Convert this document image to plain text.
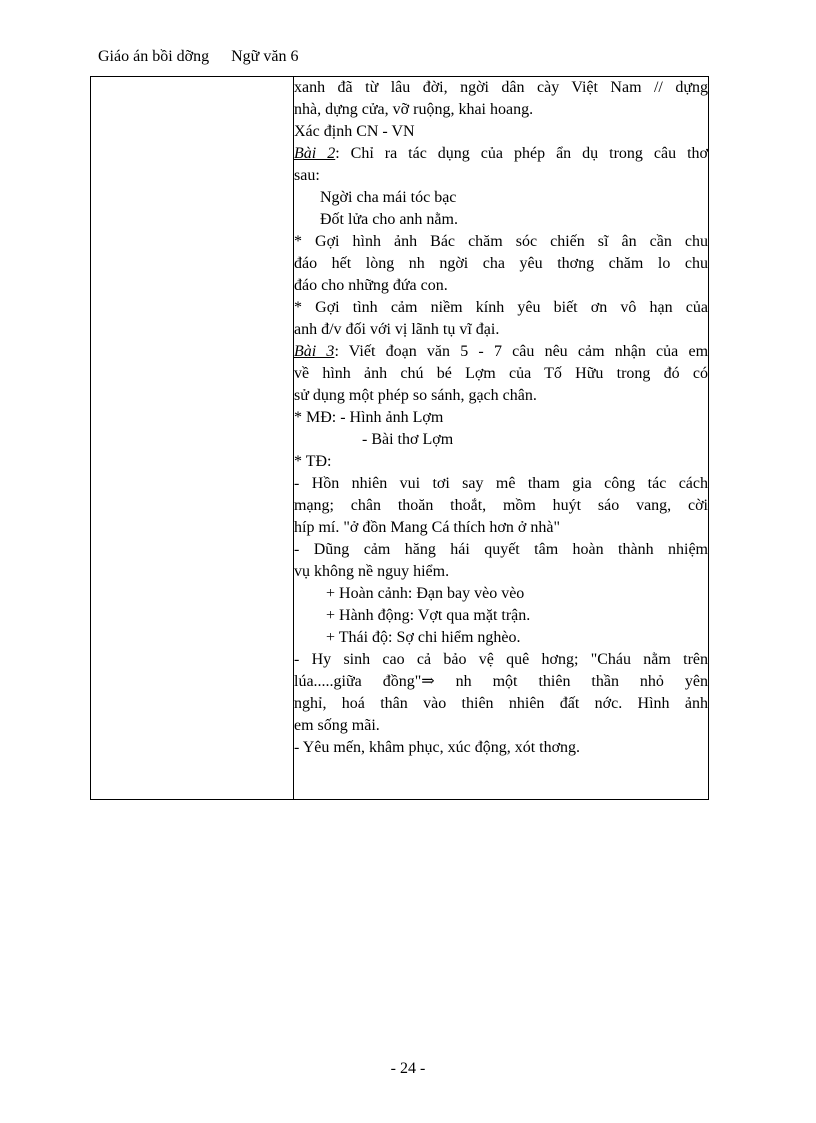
Giáo án bồi dỡng Ngữ văn 6

xanh đã từ lâu đời, ngời dân cày Việt Nam // dựng
nhà, dựng cửa, vỡ ruộng, khai hoang.
Xác định CN - VN
Bài 2: Chỉ ra tác dụng của phép ẩn dụ trong câu thơ
sau:
Ngời cha mái tóc bạc
Đốt lửa cho anh nằm.
* Gợi hình ảnh Bác chăm sóc chiến sĩ ân cần chu
đáo hết lòng nh ngời cha yêu thơng chăm lo chu
đáo cho những đứa con.
* Gợi tình cảm niềm kính yêu biết ơn vô hạn của
anh đ/v đối với vị lãnh tụ vĩ đại.
Bài 3: Viết đoạn văn 5 - 7 câu nêu cảm nhận của em
về hình ảnh chú bé Lợm của Tố Hữu trong đó có
sử dụng một phép so sánh, gạch chân.
* MĐ: - Hình ảnh Lợm
- Bài thơ Lợm
* TĐ:
- Hồn nhiên vui tơi say mê tham gia công tác cách
mạng; chân thoăn thoắt, mồm huýt sáo vang, cời
híp mí. "ở đồn Mang Cá thích hơn ở nhà"
- Dũng cảm hăng hái quyết tâm hoàn thành nhiệm
vụ không nề nguy hiểm.
+ Hoàn cảnh: Đạn bay vèo vèo
+ Hành động: Vợt qua mặt trận.
+ Thái độ: Sợ chi hiểm nghèo.
- Hy sinh cao cả bảo vệ quê hơng; "Cháu nằm trên
lúa.....giữa đồng"⇒ nh một thiên thần nhỏ yên
nghỉ, hoá thân vào thiên nhiên đất nớc. Hình ảnh
em sống mãi.
- Yêu mến, khâm phục, xúc động, xót thơng.
- 24 -
